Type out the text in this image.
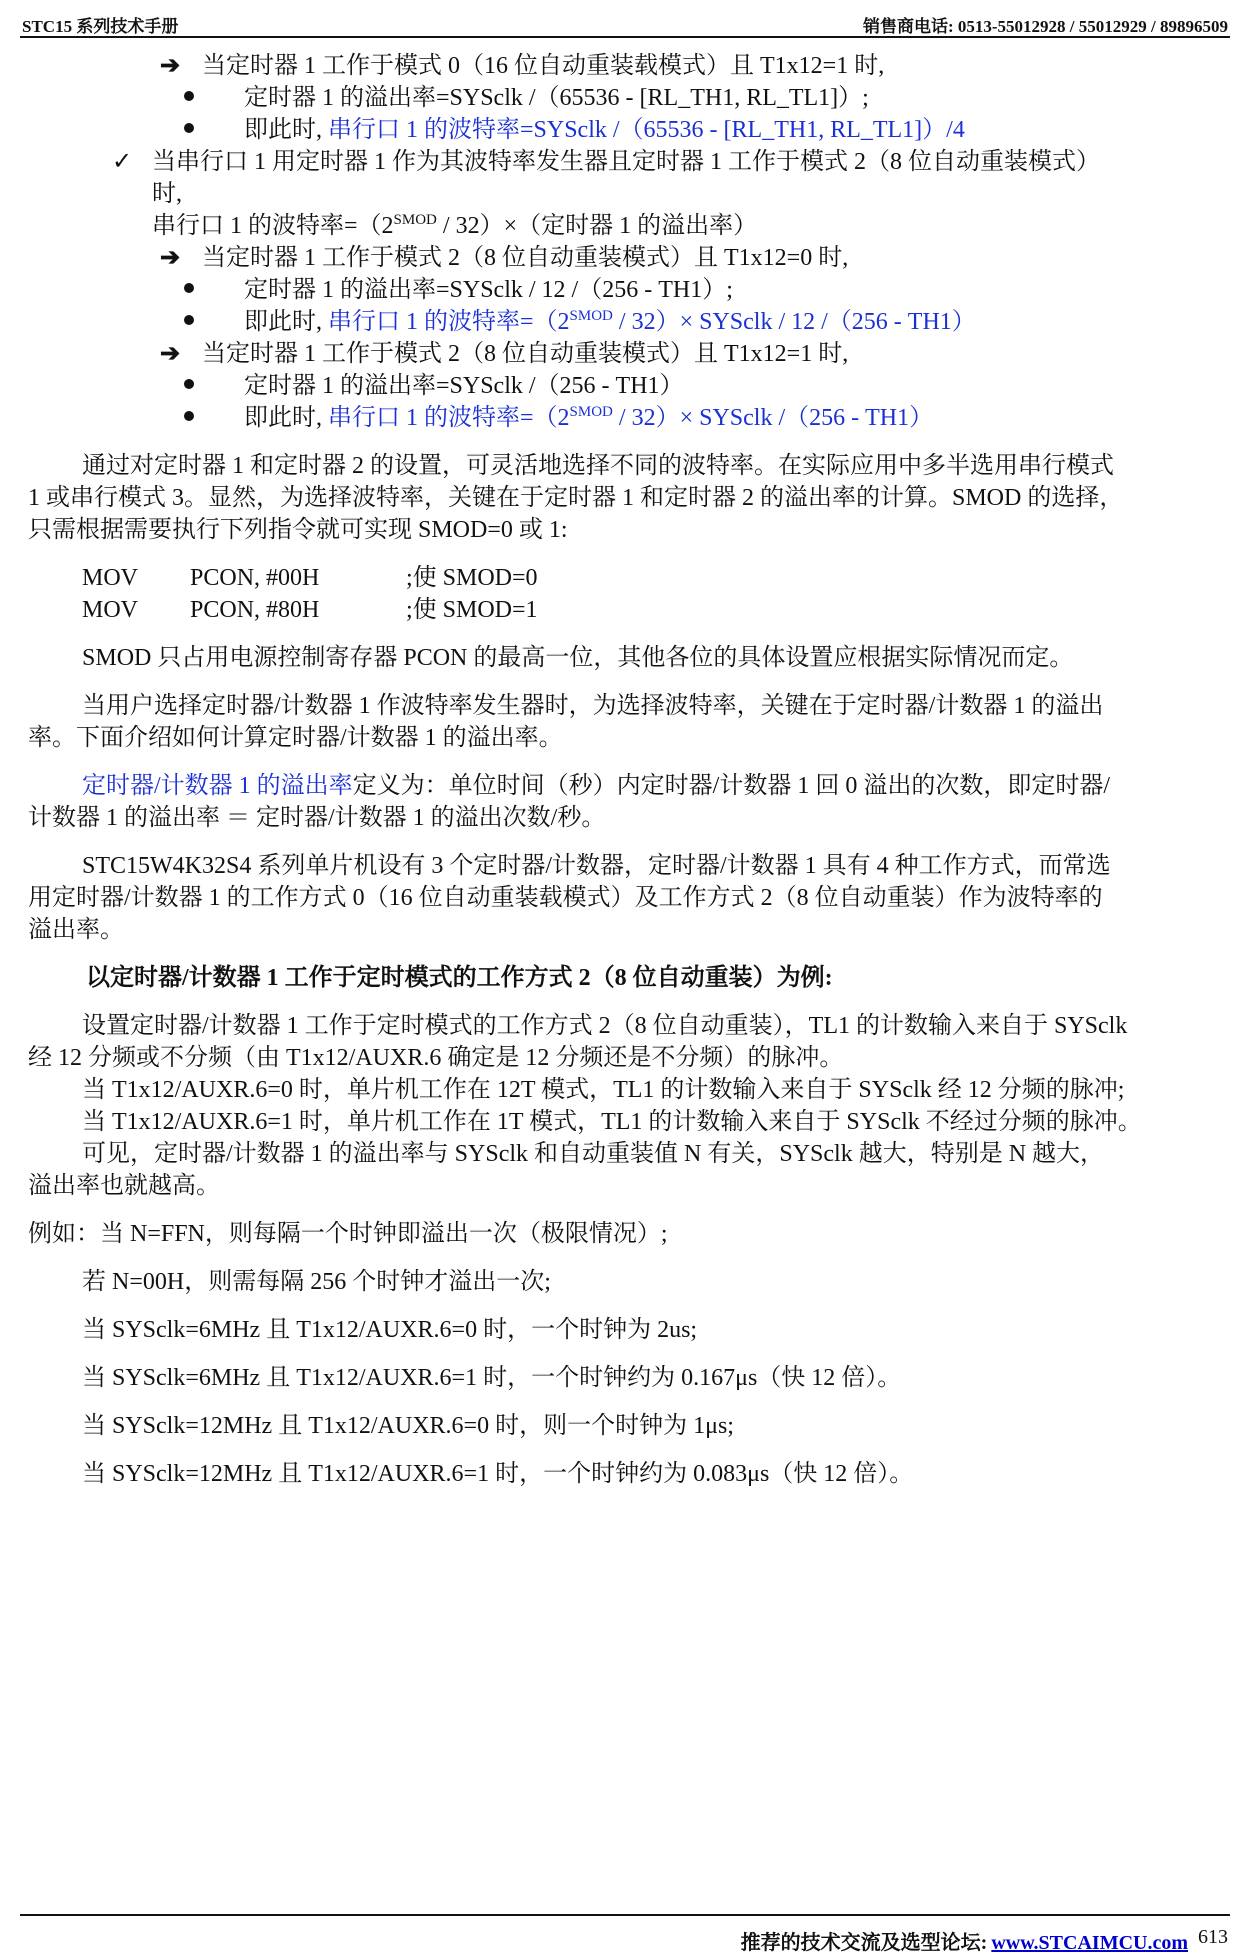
STC15 系列技术手册	销售商电话: 0513-55012928 / 55012929 / 89896509
➔ 当定时器 1 工作于模式 0（16 位自动重装载模式）且 T1x12=1 时,
定时器 1 的溢出率=SYSclk /（65536 - [RL_TH1, RL_TL1]）;
即此时, 串行口 1 的波特率=SYSclk /（65536 - [RL_TH1, RL_TL1]）/4
✓ 当串行口 1 用定时器 1 作为其波特率发生器且定时器 1 工作于模式 2（8 位自动重装模式）
时,
串行口 1 的波特率$=(2^{SMOD} / 32)\times$（定时器 1 的溢出率）
➔ 当定时器 1 工作于模式 2（8 位自动重装模式）且 T1x12=0 时,
定时器 1 的溢出率=SYSclk / 12 /（256 - TH1）;
即此时, 串行口 1 的波特率$=(2^{SMOD} / 32)\times$ SYSclk / 12 /（256 - TH1）
➔ 当定时器 1 工作于模式 2（8 位自动重装模式）且 T1x12=1 时,
定时器 1 的溢出率=SYSclk /（256 - TH1）
即此时, 串行口 1 的波特率$=(2^{SMOD} / 32)\times$ SYSclk /（256 - TH1）
通过对定时器 1 和定时器 2 的设置，可灵活地选择不同的波特率。在实际应用中多半选用串行模式
1 或串行模式 3。显然，为选择波特率，关键在于定时器 1 和定时器 2 的溢出率的计算。SMOD 的选择，
只需根据需要执行下列指令就可实现 SMOD=0 或 1:
MOV PCON, #00H	;使 SMOD=0
MOV PCON, #80H	;使 SMOD=1
SMOD 只占用电源控制寄存器 PCON 的最高一位，其他各位的具体设置应根据实际情况而定。
当用户选择定时器/计数器 1 作波特率发生器时，为选择波特率，关键在于定时器/计数器 1 的溢出
率。下面介绍如何计算定时器/计数器 1 的溢出率。
定时器/计数器 1 的溢出率定义为：单位时间（秒）内定时器/计数器 1 回 0 溢出的次数，即定时器/
计数器 1 的溢出率 ＝ 定时器/计数器 1 的溢出次数/秒。
STC15W4K32S4 系列单片机设有 3 个定时器/计数器，定时器/计数器 1 具有 4 种工作方式，而常选
用定时器/计数器 1 的工作方式 0（16 位自动重装载模式）及工作方式 2（8 位自动重装）作为波特率的
溢出率。
以定时器/计数器 1 工作于定时模式的工作方式 2（8 位自动重装）为例:
设置定时器/计数器 1 工作于定时模式的工作方式 2（8 位自动重装），TL1 的计数输入来自于 SYSclk
经 12 分频或不分频（由 T1x12/AUXR.6 确定是 12 分频还是不分频）的脉冲。
当 T1x12/AUXR.6=0 时，单片机工作在 12T 模式，TL1 的计数输入来自于 SYSclk 经 12 分频的脉冲;
当 T1x12/AUXR.6=1 时，单片机工作在 1T 模式，TL1 的计数输入来自于 SYSclk 不经过分频的脉冲。
可见，定时器/计数器 1 的溢出率与 SYSclk 和自动重装值 N 有关，SYSclk 越大，特别是 N 越大，
溢出率也就越高。
例如：当 N=FFN，则每隔一个时钟即溢出一次（极限情况）;
若 N=00H，则需每隔 256 个时钟才溢出一次;
当 SYSclk=6MHz 且 T1x12/AUXR.6=0 时，一个时钟为 2us;
当 SYSclk=6MHz 且 T1x12/AUXR.6=1 时，一个时钟约为 0.167μs（快 12 倍）。
当 SYSclk=12MHz 且 T1x12/AUXR.6=0 时，则一个时钟为 1μs;
当 SYSclk=12MHz 且 T1x12/AUXR.6=1 时，一个时钟约为 0.083μs（快 12 倍）。
推荐的技术交流及选型论坛: www.STCAIMCU.com 613
